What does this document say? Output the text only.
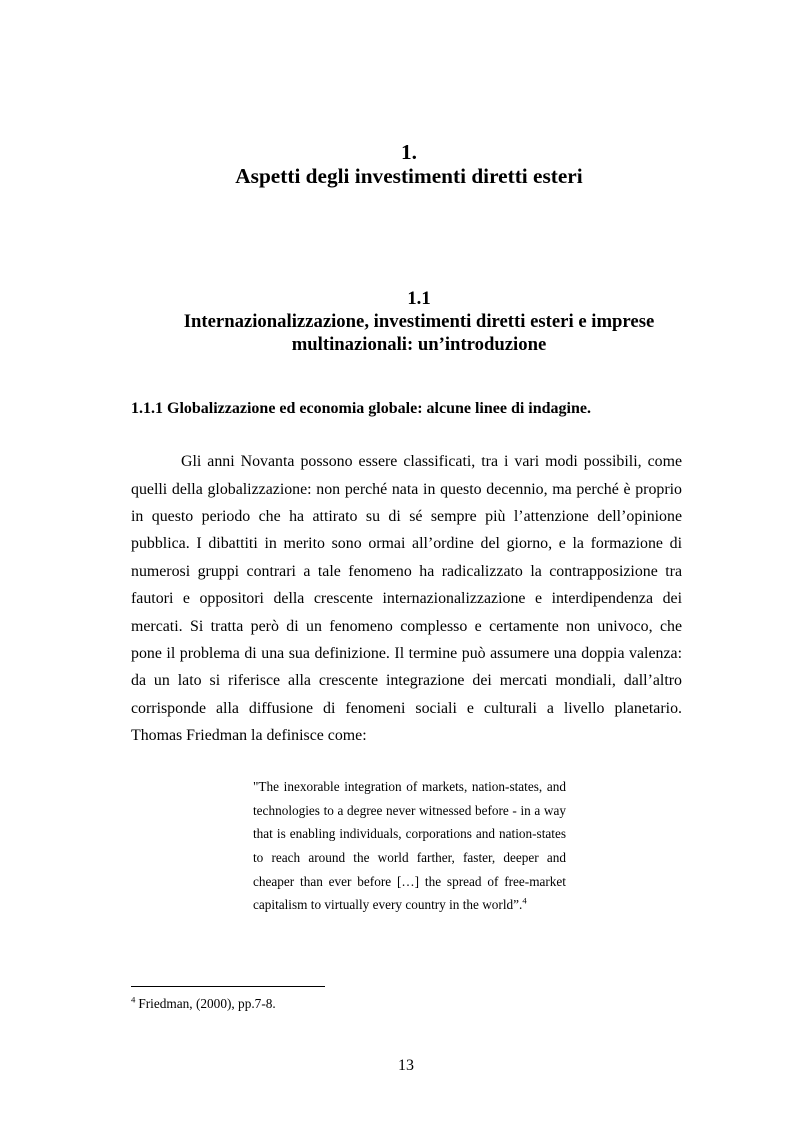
1.
Aspetti degli investimenti diretti esteri
1.1
Internazionalizzazione, investimenti diretti esteri e imprese
multinazionali: un’introduzione
1.1.1 Globalizzazione ed economia globale: alcune linee di indagine.
Gli anni Novanta possono essere classificati, tra i vari modi possibili, come
quelli della globalizzazione: non perché nata in questo decennio, ma perché è proprio
in questo periodo che ha attirato su di sé sempre più l’attenzione dell’opinione
pubblica. I dibattiti in merito sono ormai all’ordine del giorno, e la formazione di
numerosi gruppi contrari a tale fenomeno ha radicalizzato la contrapposizione tra
fautori e oppositori della crescente internazionalizzazione e interdipendenza dei
mercati. Si tratta però di un fenomeno complesso e certamente non univoco, che
pone il problema di una sua definizione. Il termine può assumere una doppia valenza:
da un lato si riferisce alla crescente integrazione dei mercati mondiali, dall’altro
corrisponde alla diffusione di fenomeni sociali e culturali a livello planetario.
Thomas Friedman la definisce come:
"The inexorable integration of markets, nation-states, and
technologies to a degree never witnessed before - in a way
that is enabling individuals, corporations and nation-states
to reach around the world farther, faster, deeper and
cheaper than ever before […] the spread of free-market
capitalism to virtually every country in the world”.$^4$
$^4$ Friedman, (2000), pp.7-8.
13
